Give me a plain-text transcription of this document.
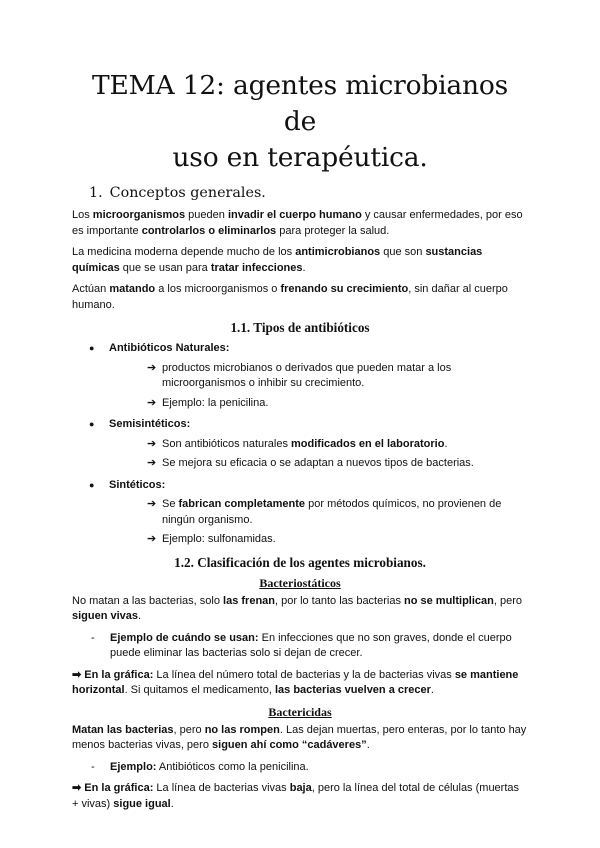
TEMA 12: agentes microbianos de
uso en terapéutica.
1. Conceptos generales.

Los microorganismos pueden invadir el cuerpo humano y causar enfermedades, por eso es importante controlarlos o eliminarlos para proteger la salud.

La medicina moderna depende mucho de los antimicrobianos que son sustancias químicas que se usan para tratar infecciones.

Actúan matando a los microorganismos o frenando su crecimiento, sin dañar al cuerpo humano.

1.1. Tipos de antibióticos
● Antibióticos Naturales:
➔ productos microbianos o derivados que pueden matar a los microorganismos o inhibir su crecimiento.
➔ Ejemplo: la penicilina.
● Semisintéticos:
➔ Son antibióticos naturales modificados en el laboratorio.
➔ Se mejora su eficacia o se adaptan a nuevos tipos de bacterias.
● Sintéticos:
➔ Se fabrican completamente por métodos químicos, no provienen de ningún organismo.
➔ Ejemplo: sulfonamidas.
1.2. Clasificación de los agentes microbianos.
Bacteriostáticos

No matan a las bacterias, solo las frenan, por lo tanto las bacterias no se multiplican, pero siguen vivas.

- Ejemplo de cuándo se usan: En infecciones que no son graves, donde el cuerpo puede eliminar las bacterias solo si dejan de crecer.

➡ En la gráfica: La línea del número total de bacterias y la de bacterias vivas se mantiene horizontal. Si quitamos el medicamento, las bacterias vuelven a crecer.

Bactericidas

Matan las bacterias, pero no las rompen. Las dejan muertas, pero enteras, por lo tanto hay menos bacterias vivas, pero siguen ahí como “cadáveres”.

- Ejemplo: Antibióticos como la penicilina.

➡ En la gráfica: La línea de bacterias vivas baja, pero la línea del total de células (muertas + vivas) sigue igual.
